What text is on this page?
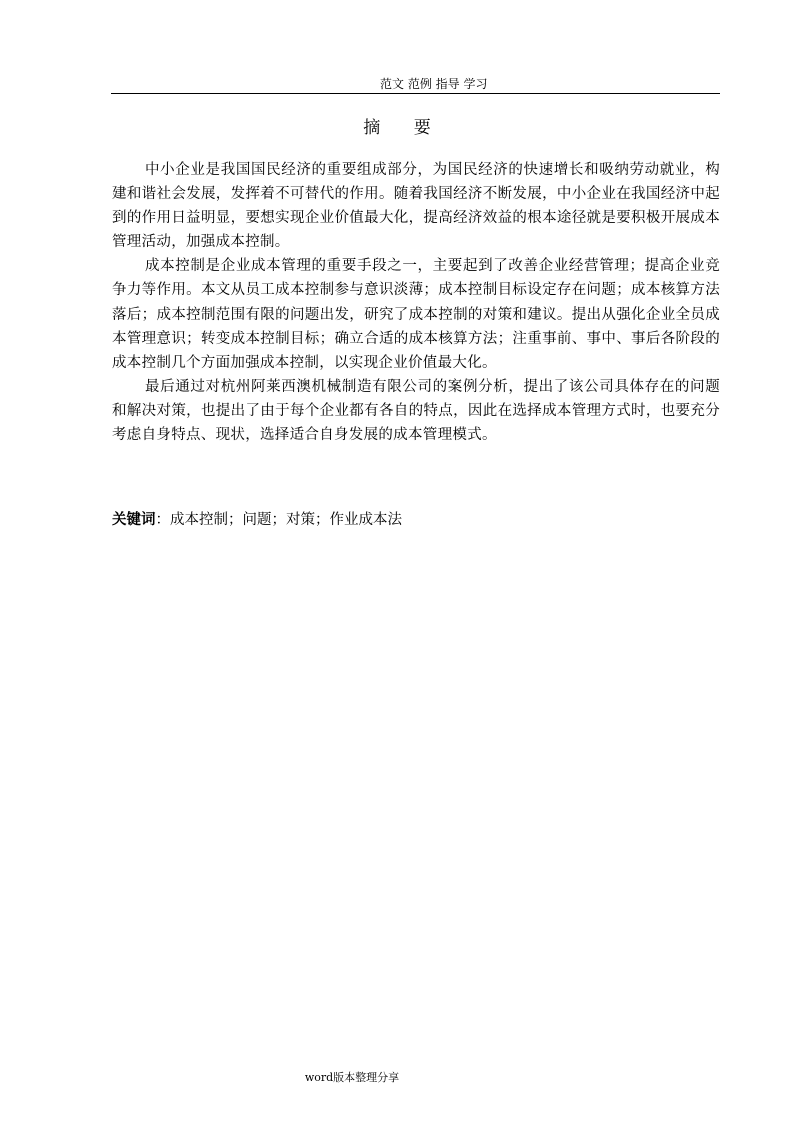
范文 范例 指导 学习
摘 要

中小企业是我国国民经济的重要组成部分，为国民经济的快速增长和吸纳劳动就业，构建和谐社会发展，发挥着不可替代的作用。随着我国经济不断发展，中小企业在我国经济中起到的作用日益明显，要想实现企业价值最大化，提高经济效益的根本途径就是要积极开展成本管理活动，加强成本控制。

成本控制是企业成本管理的重要手段之一，主要起到了改善企业经营管理；提高企业竞争力等作用。本文从员工成本控制参与意识淡薄；成本控制目标设定存在问题；成本核算方法落后；成本控制范围有限的问题出发，研究了成本控制的对策和建议。提出从强化企业全员成本管理意识；转变成本控制目标；确立合适的成本核算方法；注重事前、事中、事后各阶段的成本控制几个方面加强成本控制，以实现企业价值最大化。

最后通过对杭州阿莱西澳机械制造有限公司的案例分析，提出了该公司具体存在的问题和解决对策，也提出了由于每个企业都有各自的特点，因此在选择成本管理方式时，也要充分考虑自身特点、现状，选择适合自身发展的成本管理模式。

关键词：成本控制；问题；对策；作业成本法
word版本整理分享
